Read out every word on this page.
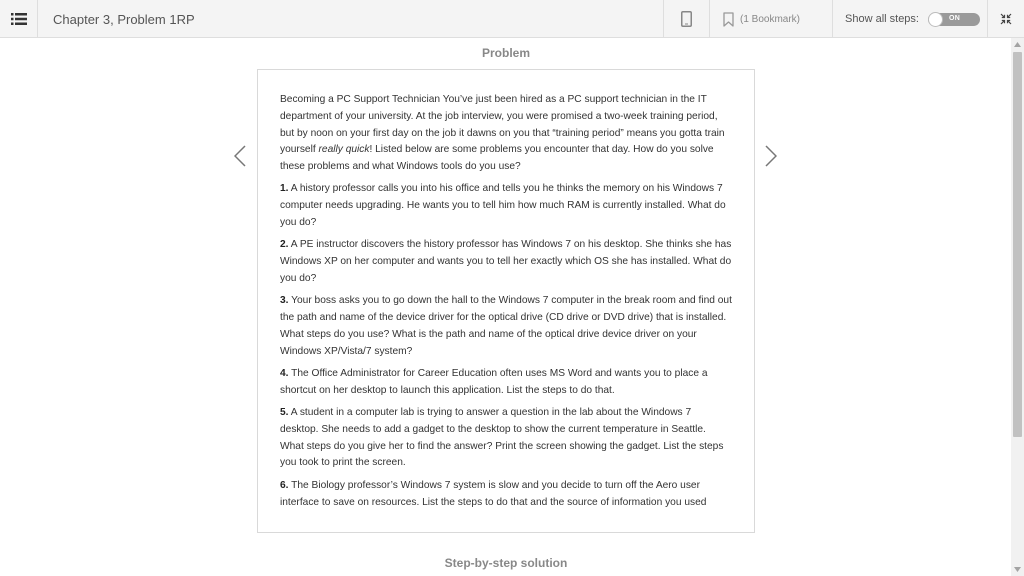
Chapter 3, Problem 1RP	(1 Bookmark)	Show all steps:	ON
Problem

Becoming a PC Support Technician You’ve just been hired as a PC support technician in the IT department of your university. At the job interview, you were promised a two-week training period, but by noon on your first day on the job it dawns on you that “training period” means you gotta train yourself really quick! Listed below are some problems you encounter that day. How do you solve these problems and what Windows tools do you use?

1. A history professor calls you into his office and tells you he thinks the memory on his Windows 7 computer needs upgrading. He wants you to tell him how much RAM is currently installed. What do you do?

2. A PE instructor discovers the history professor has Windows 7 on his desktop. She thinks she has Windows XP on her computer and wants you to tell her exactly which OS she has installed. What do you do?

3. Your boss asks you to go down the hall to the Windows 7 computer in the break room and find out the path and name of the device driver for the optical drive (CD drive or DVD drive) that is installed. What steps do you use? What is the path and name of the optical drive device driver on your Windows XP/Vista/7 system?

4. The Office Administrator for Career Education often uses MS Word and wants you to place a shortcut on her desktop to launch this application. List the steps to do that.

5. A student in a computer lab is trying to answer a question in the lab about the Windows 7 desktop. She needs to add a gadget to the desktop to show the current temperature in Seattle. What steps do you give her to find the answer? Print the screen showing the gadget. List the steps you took to print the screen.

6. The Biology professor’s Windows 7 system is slow and you decide to turn off the Aero user interface to save on resources. List the steps to do that and the source of information you used

Step-by-step solution
